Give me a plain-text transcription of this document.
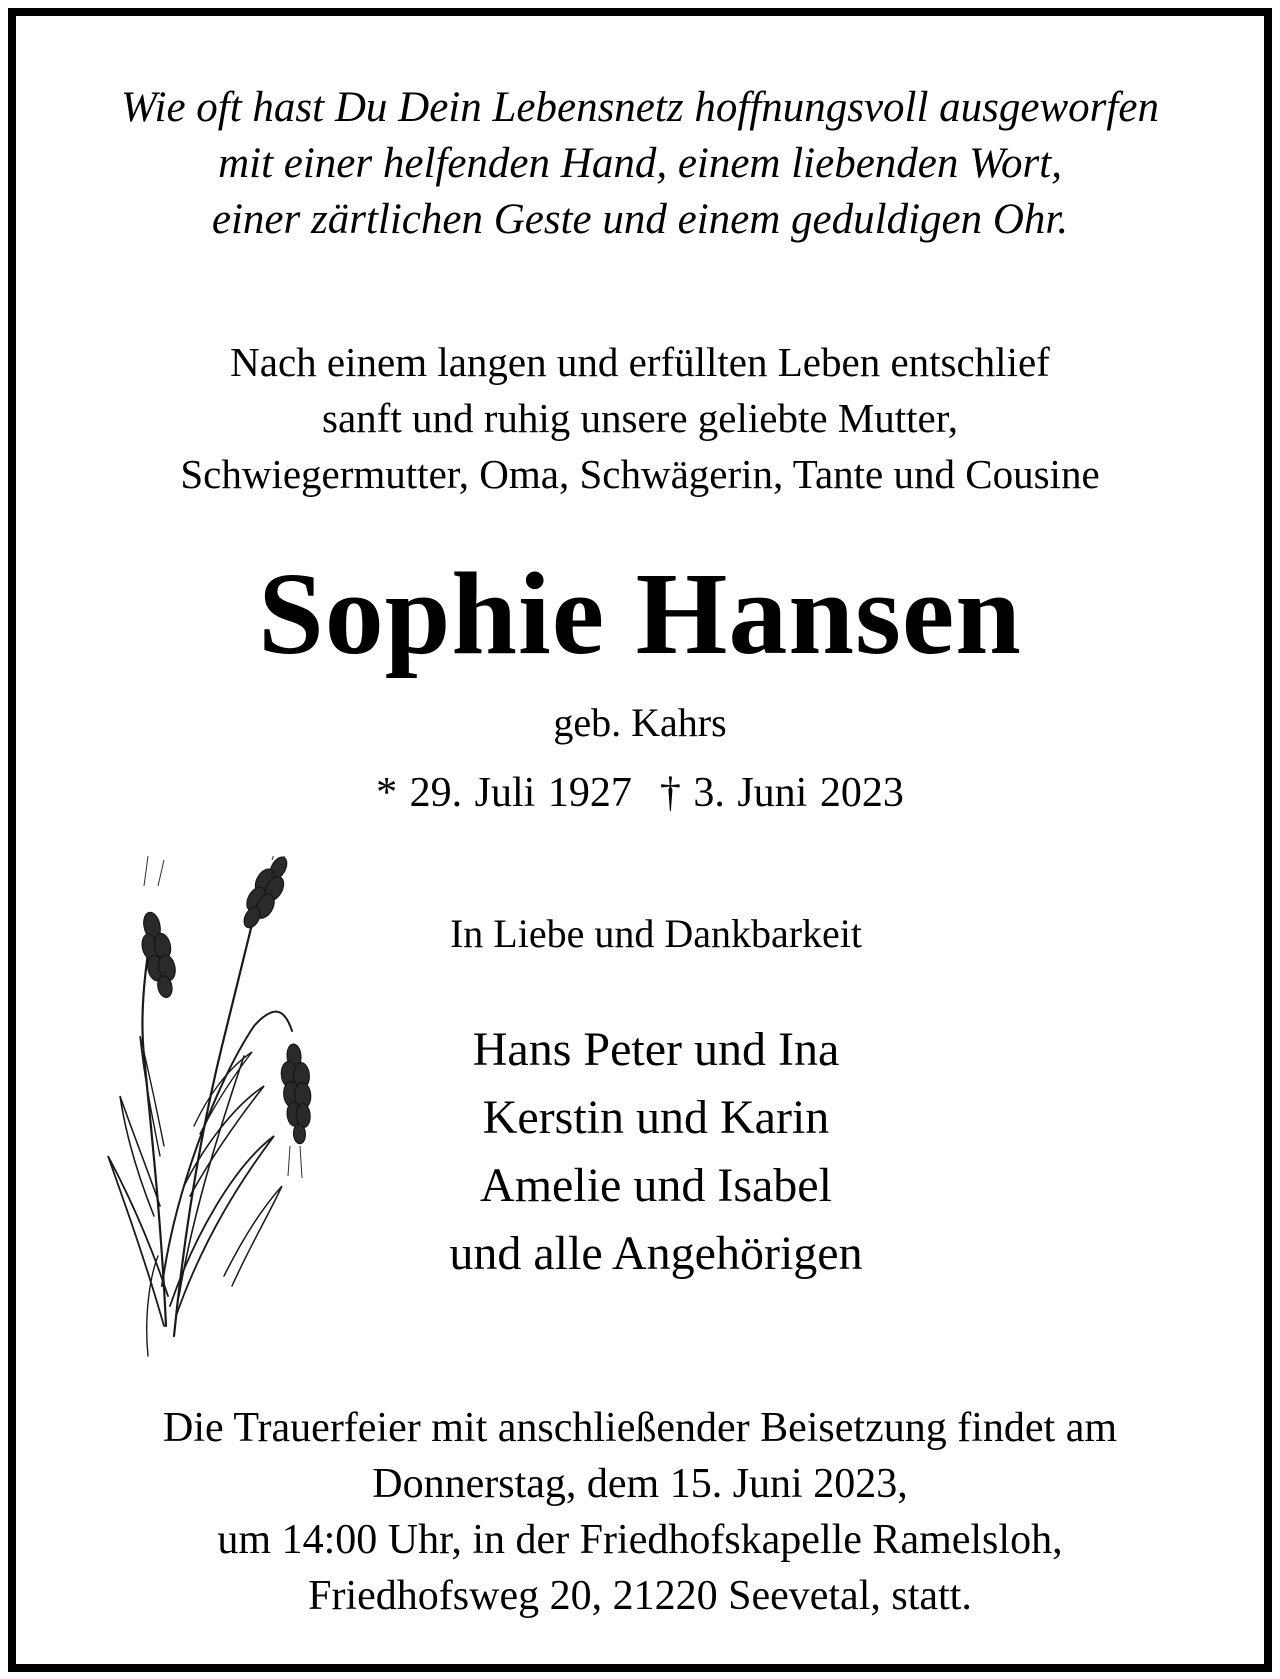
Wie oft hast Du Dein Lebensnetz hoffnungsvoll ausgeworfen
mit einer helfenden Hand, einem liebenden Wort,
einer zärtlichen Geste und einem geduldigen Ohr.
Nach einem langen und erfüllten Leben entschlief
sanft und ruhig unsere geliebte Mutter,
Schwiegermutter, Oma, Schwägerin, Tante und Cousine
Sophie Hansen
geb. Kahrs
* 29. Juli 1927 † 3. Juni 2023
In Liebe und Dankbarkeit
Hans Peter und Ina
Kerstin und Karin
Amelie und Isabel
und alle Angehörigen
Die Trauerfeier mit anschließender Beisetzung findet am
Donnerstag, dem 15. Juni 2023,
um 14:00 Uhr, in der Friedhofskapelle Ramelsloh,
Friedhofsweg 20, 21220 Seevetal, statt.
